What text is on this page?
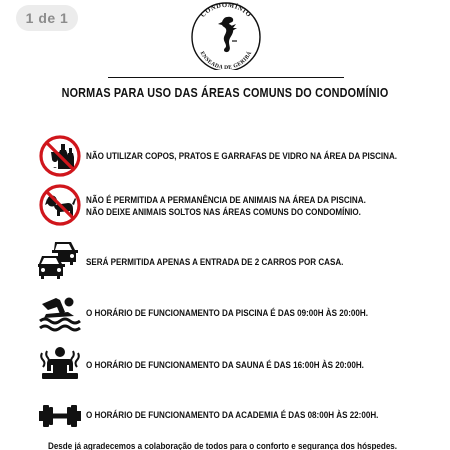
1 de 1	CONDOMÍNIO
ENSEADA DE GERIBÁ
NORMAS PARA USO DAS ÁREAS COMUNS DO CONDOMÍNIO
NÃO UTILIZAR COPOS, PRATOS E GARRAFAS DE VIDRO NA ÁREA DA PISCINA.
NÃO É PERMITIDA A PERMANÊNCIA DE ANIMAIS NA ÁREA DA PISCINA.
NÃO DEIXE ANIMAIS SOLTOS NAS ÁREAS COMUNS DO CONDOMÍNIO.
SERÁ PERMITIDA APENAS A ENTRADA DE 2 CARROS POR CASA.
O HORÁRIO DE FUNCIONAMENTO DA PISCINA É DAS 09:00H ÀS 20:00H.
O HORÁRIO DE FUNCIONAMENTO DA SAUNA É DAS 16:00H ÀS 20:00H.
O HORÁRIO DE FUNCIONAMENTO DA ACADEMIA É DAS 08:00H ÀS 22:00H.
Desde já agradecemos a colaboração de todos para o conforto e segurança dos hóspedes.
